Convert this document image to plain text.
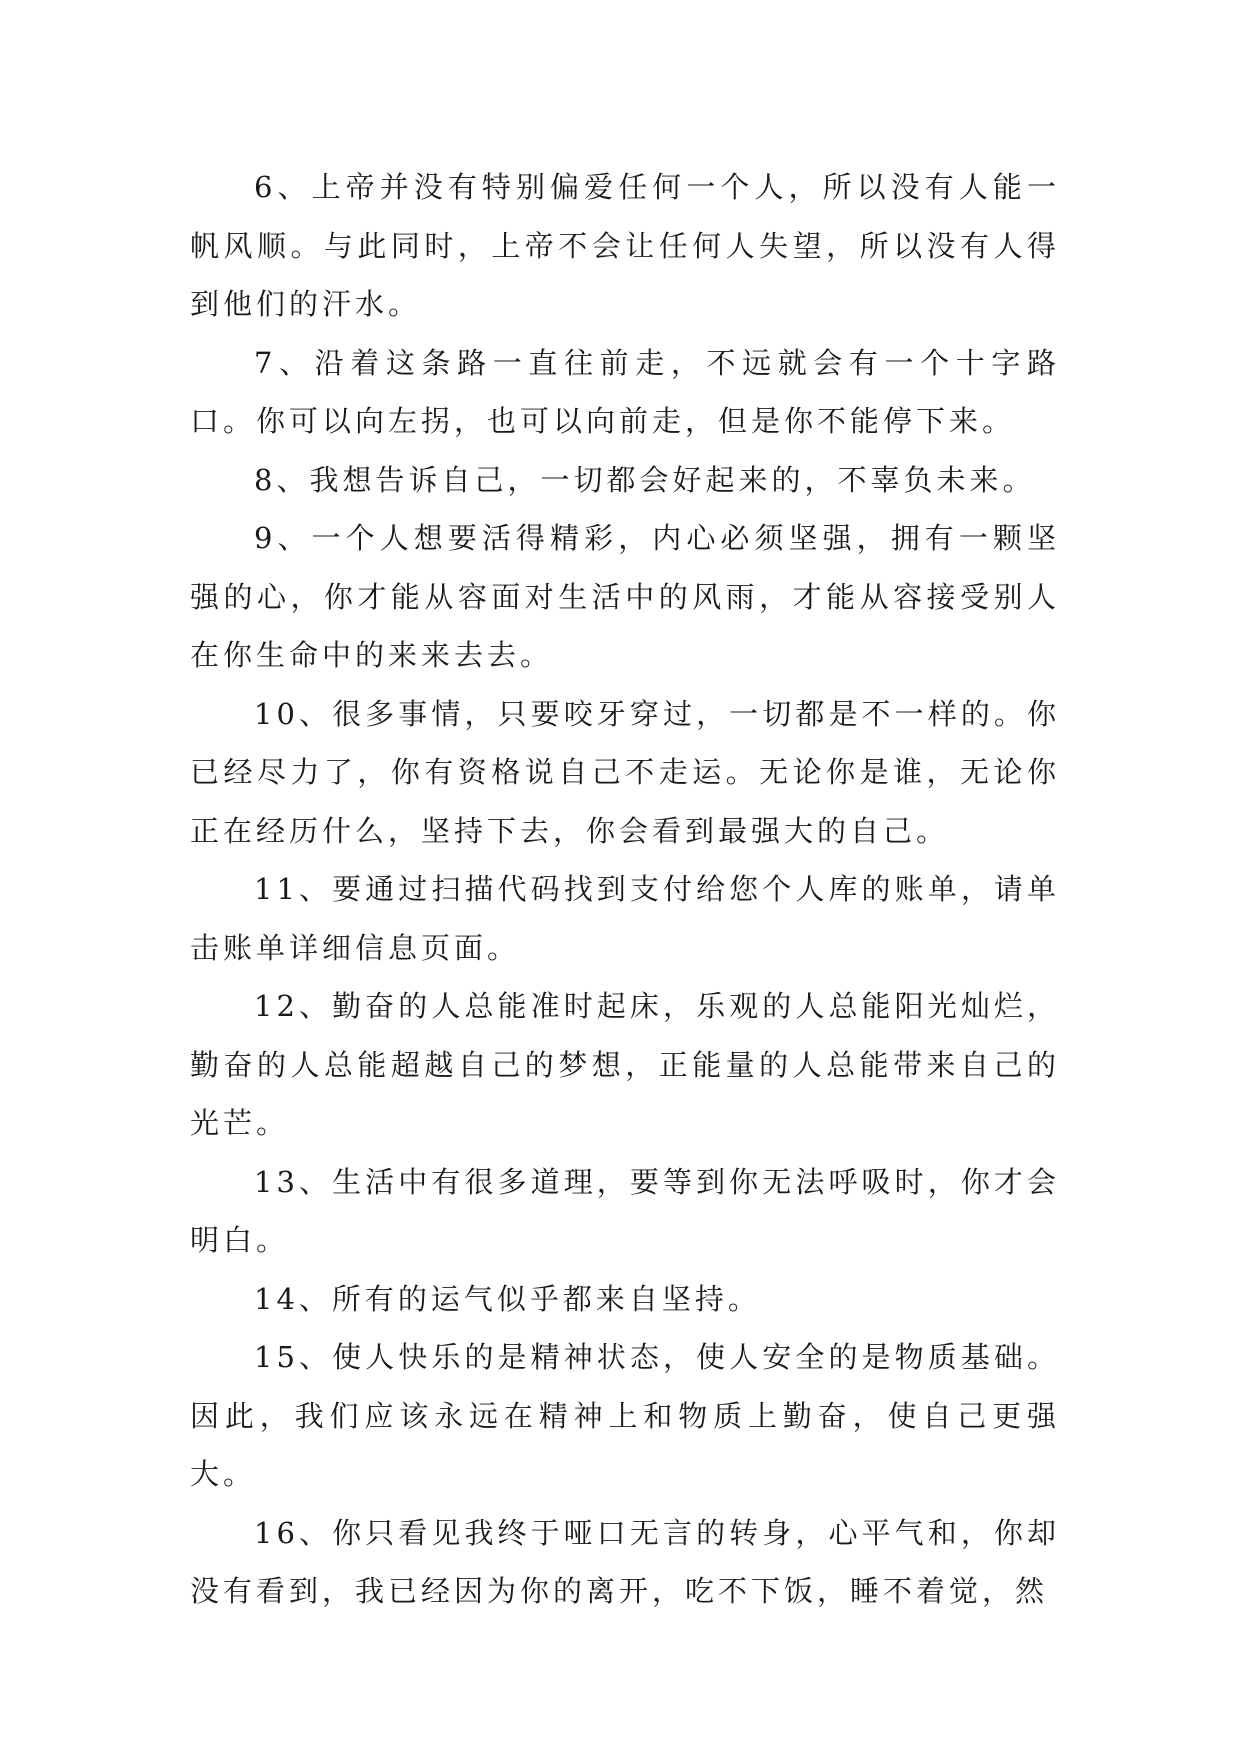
6、上帝并没有特别偏爱任何一个人，所以没有人能一帆风顺。与此同时，上帝不会让任何人失望，所以没有人得到他们的汗水。

7、沿着这条路一直往前走，不远就会有一个十字路口。你可以向左拐，也可以向前走，但是你不能停下来。

8、我想告诉自己，一切都会好起来的，不辜负未来。

9、一个人想要活得精彩，内心必须坚强，拥有一颗坚强的心，你才能从容面对生活中的风雨，才能从容接受别人在你生命中的来来去去。

10、很多事情，只要咬牙穿过，一切都是不一样的。你已经尽力了，你有资格说自己不走运。无论你是谁，无论你正在经历什么，坚持下去，你会看到最强大的自己。

11、要通过扫描代码找到支付给您个人库的账单，请单击账单详细信息页面。

12、勤奋的人总能准时起床，乐观的人总能阳光灿烂，勤奋的人总能超越自己的梦想，正能量的人总能带来自己的光芒。

13、生活中有很多道理，要等到你无法呼吸时，你才会明白。

14、所有的运气似乎都来自坚持。

15、使人快乐的是精神状态，使人安全的是物质基础。因此，我们应该永远在精神上和物质上勤奋，使自己更强大。

16、你只看见我终于哑口无言的转身，心平气和，你却没有看到，我已经因为你的离开，吃不下饭，睡不着觉，然
